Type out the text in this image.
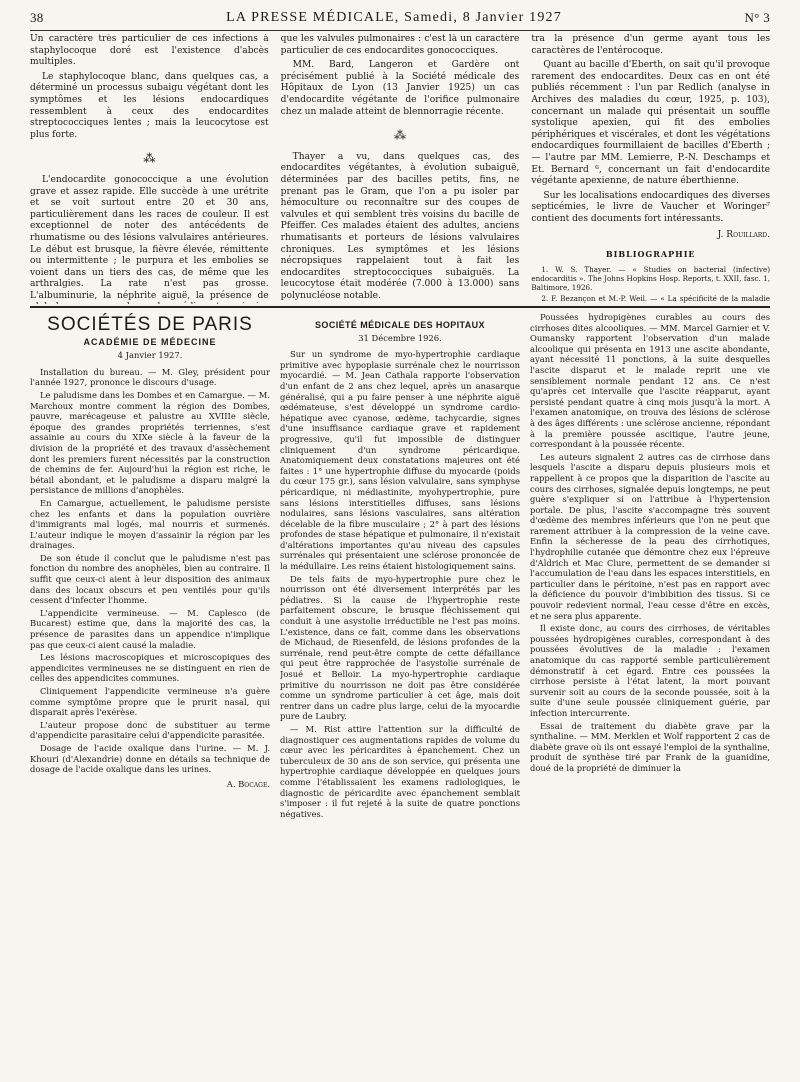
38	LA PRESSE MÉDICALE, Samedi, 8 Janvier 1927	N° 3

Un caractère très particulier de ces infections à staphylocoque doré est l'existence d'abcès multiples.

Le staphylocoque blanc, dans quelques cas, a déterminé un processus subaigu végétant dont les symptômes et les lésions endocardiques ressemblent à ceux des endocardites streptococciques lentes ; mais la leucocytose est plus forte.

⁂

L'endocardite gonococcique a une évolution grave et assez rapide. Elle succède à une urétrite et se voit surtout entre 20 et 30 ans, particulièrement dans les races de couleur. Il est exceptionnel de noter des antécédents de rhumatisme ou des lésions valvulaires antérieures. Le début est brusque, la fièvre élevée, rémittente ou intermittente ; le purpura et les embolies se voient dans un tiers des cas, de même que les arthralgies. La rate n'est pas grosse. L'albuminurie, la néphrite aiguë, la présence de

que les valvules pulmonaires : c'est là un caractère particulier de ces endocardites gonococciques.

MM. Bard, Langeron et Gardère ont précisément publié à la Société médicale des Hôpitaux de Lyon (13 Janvier 1925) un cas d'endocardite végétante de l'orifice pulmonaire chez un malade atteint de blennorragie récente.

⁂

Thayer a vu, dans quelques cas, des endocardites végétantes, à évolution subaiguë, déterminées par des bacilles petits, fins, ne prenant pas le Gram, que l'on a pu isoler par hémoculture ou reconnaître sur des coupes de valvules et qui semblent très voisins du bacille de Pfeiffer. Ces malades étaient des adultes, anciens rhumatisants et porteurs de lésions valvulaires chroniques. Les symptômes et les lésions nécropsiques rappelaient tout à fait les endocardites streptococciques subaiguës. La leucocytose était modérée (7.000 à 13.000) sans polynucléose notable.

tra la présence d'un germe ayant tous les caractères de l'entérocoque.

Quant au bacille d'Eberth, on sait qu'il provoque rarement des endocardites. Deux cas en ont été publiés récemment : l'un par Redlich (analyse in Archives des maladies du cœur, 1925, p. 103), concernant un malade qui présentait un souffle systolique apexien, qui fit des embolies périphériques et viscérales, et dont les végétations endocardiques fourmillaient de bacilles d'Eberth ; — l'autre par MM. Lemierre, P.-N. Deschamps et Et. Bernard ⁶, concernant un fait d'endocardite végétante apexienne, de nature éberthienne.

Sur les localisations endocardiques des diverses septicémies, le livre de Vaucher et Woringer⁷ contient des documents fort intéressants.

J. Rouillard.
BIBLIOGRAPHIE

1. W. S. Thayer. — « Studies on bacterial (infective) endocarditis ». The Johns Hopkins Hosp. Reports, t. XXII, fasc. 1, Baltimore, 1926.

2. F. Bezançon et M.-P. Weil. — « La spécificité de la maladie

SOCIÉTÉS DE PARIS
ACADÉMIE DE MÉDECINE
4 Janvier 1927.

Installation du bureau. — M. Gley, président pour l'année 1927, prononce le discours d'usage.

Le paludisme dans les Dombes et en Camargue. — M. Marchoux montre comment la région des Dombes, pauvre, marécageuse et palustre au XVIIIe siècle, époque des grandes propriétés terriennes, s'est assainie au cours du XIXe siècle à la faveur de la division de la propriété et des travaux d'assèchement dont les premiers furent nécessités par la construction de chemins de fer. Aujourd'hui la région est riche, le bétail abondant, et le paludisme a disparu malgré la persistance de millions d'anophèles.

En Camargue, actuellement, le paludisme persiste chez les enfants et dans la population ouvrière d'immigrants mal logés, mal nourris et surmenés. L'auteur indique le moyen d'assainir la région par les drainages.

De son étude il conclut que le paludisme n'est pas fonction du nombre des anophèles, bien au contraire. Il suffit que ceux-ci aient à leur disposition des animaux dans des locaux obscurs et peu ventilés pour qu'ils cessent d'infecter l'homme.

L'appendicite vermineuse. — M. Caplesco (de Bucarest) estime que, dans la majorité des cas, la présence de parasites dans un appendice n'implique pas que ceux-ci aient causé la maladie.

Les lésions macroscopiques et microscopiques des appendicites vermineuses ne se distinguent en rien de celles des appendicites communes.

Cliniquement l'appendicite vermineuse n'a guère comme symptôme propre que le prurit nasal, qui disparait après l'exérèse.

L'auteur propose donc de substituer au terme d'appendicite parasitaire celui d'appendicite parasitée.

Dosage de l'acide oxalique dans l'urine. — M. J. Khouri (d'Alexandrie) donne en détails sa technique de dosage de l'acide oxalique dans les urines.

A. Bocage.
SOCIÉTÉ MÉDICALE DES HOPITAUX
31 Décembre 1926.

Sur un syndrome de myo-hypertrophie cardiaque primitive avec hypoplasie surrénale chez le nourrisson myocardié. — M. Jean Cathala rapporte l'observation d'un enfant de 2 ans chez lequel, après un anasarque généralisé, qui a pu faire penser à une néphrite aiguë œdémateuse, s'est développé un syndrome cardio-hépatique avec cyanose, œdème, tachycardie, signes d'une insuffisance cardiaque grave et rapidement progressive, qu'il fut impossible de distinguer cliniquement d'un syndrome péricardique. Anatomiquement deux constatations majeures ont été faites : 1° une hypertrophie diffuse du myocarde (poids du cœur 175 gr.), sans lésion valvulaire, sans symphyse péricardique, ni médiastinite, myohypertrophie, pure sans lésions interstitielles diffuses, sans lésions nodulaires, sans lésions vasculaires, sans altération décelable de la fibre musculaire ; 2° à part des lésions profondes de stase hépatique et pulmonaire, il n'existait d'altérations importantes qu'au niveau des capsules surrénales qui présentaient une sclérose prononcée de la médullaire. Les reins étaient histologiquement sains.

De tels faits de myo-hypertrophie pure chez le nourrisson ont été diversement interprétés par les pédiatres. Si la cause de l'hypertrophie reste parfaitement obscure, le brusque fléchissement qui conduit à une asystolie irréductible ne l'est pas moins. L'existence, dans ce fait, comme dans les observations de Michaud, de Riesenfeld, de lésions profondes de la surrénale, rend peut-être compte de cette défaillance qui peut être rapprochée de l'asystolie surrénale de Josué et Belloir. La myo-hypertrophie cardiaque primitive du nourrisson ne doit pas être considérée comme un syndrome particulier à cet âge, mais doit rentrer dans un cadre plus large, celui de la myocardie pure de Laubry.

— M. Rist attire l'attention sur la difficulté de diagnostiquer ces augmentations rapides de volume du cœur avec les péricardites à épanchement. Chez un tuberculeux de 30 ans de son service, qui présenta une hypertrophie cardiaque développée en quelques jours comme l'établissaient les examens radiologiques, le diagnostic de péricardite avec épanchement semblait s'imposer : il fut rejeté à la suite de quatre ponctions négatives.

Poussées hydropigènes curables au cours des cirrhoses dites alcooliques. — MM. Marcel Garnier et V. Oumansky rapportent l'observation d'un malade alcoolique qui présenta en 1913 une ascite abondante, ayant nécessité 11 ponctions, à la suite desquelles l'ascite disparut et le malade reprit une vie sensiblement normale pendant 12 ans. Ce n'est qu'après cet intervalle que l'ascite réapparut, ayant persisté pendant quatre à cinq mois jusqu'à la mort. A l'examen anatomique, on trouva des lésions de sclérose à des âges différents : une sclérose ancienne, répondant à la première poussée ascitique, l'autre jeune, correspondant à la poussée récente.

Les auteurs signalent 2 autres cas de cirrhose dans lesquels l'ascite a disparu depuis plusieurs mois et rappellent à ce propos que la disparition de l'ascite au cours des cirrhoses, signalée depuis longtemps, ne peut guère s'expliquer si on l'attribue à l'hypertension portale. De plus, l'ascite s'accompagne très souvent d'œdème des membres inférieurs que l'on ne peut que rarement attribuer à la compression de la veine cave. Enfin la sécheresse de la peau des cirrhotiques, l'hydrophilie cutanée que démontre chez eux l'épreuve d'Aldrich et Mac Clure, permettent de se demander si l'accumulation de l'eau dans les espaces interstitiels, en particulier dans le péritoine, n'est pas en rapport avec la déficience du pouvoir d'imbibition des tissus. Si ce pouvoir redevient normal, l'eau cesse d'être en excès, et ne sera plus apparente.

Il existe donc, au cours des cirrhoses, de véritables poussées hydropigènes curables, correspondant à des poussées évolutives de la maladie : l'examen anatomique du cas rapporté semble particulièrement démonstratif à cet égard. Entre ces poussées la cirrhose persiste à l'état latent, la mort pouvant survenir soit au cours de la seconde poussée, soit à la suite d'une seule poussée cliniquement guérie, par infection intercurrente.

Essai de traitement du diabète grave par la synthaline. — MM. Merklen et Wolf rapportent 2 cas de diabète grave où ils ont essayé l'emploi de la synthaline, produit de synthèse tiré par Frank de la guanidine, doué de la propriété de diminuer la
